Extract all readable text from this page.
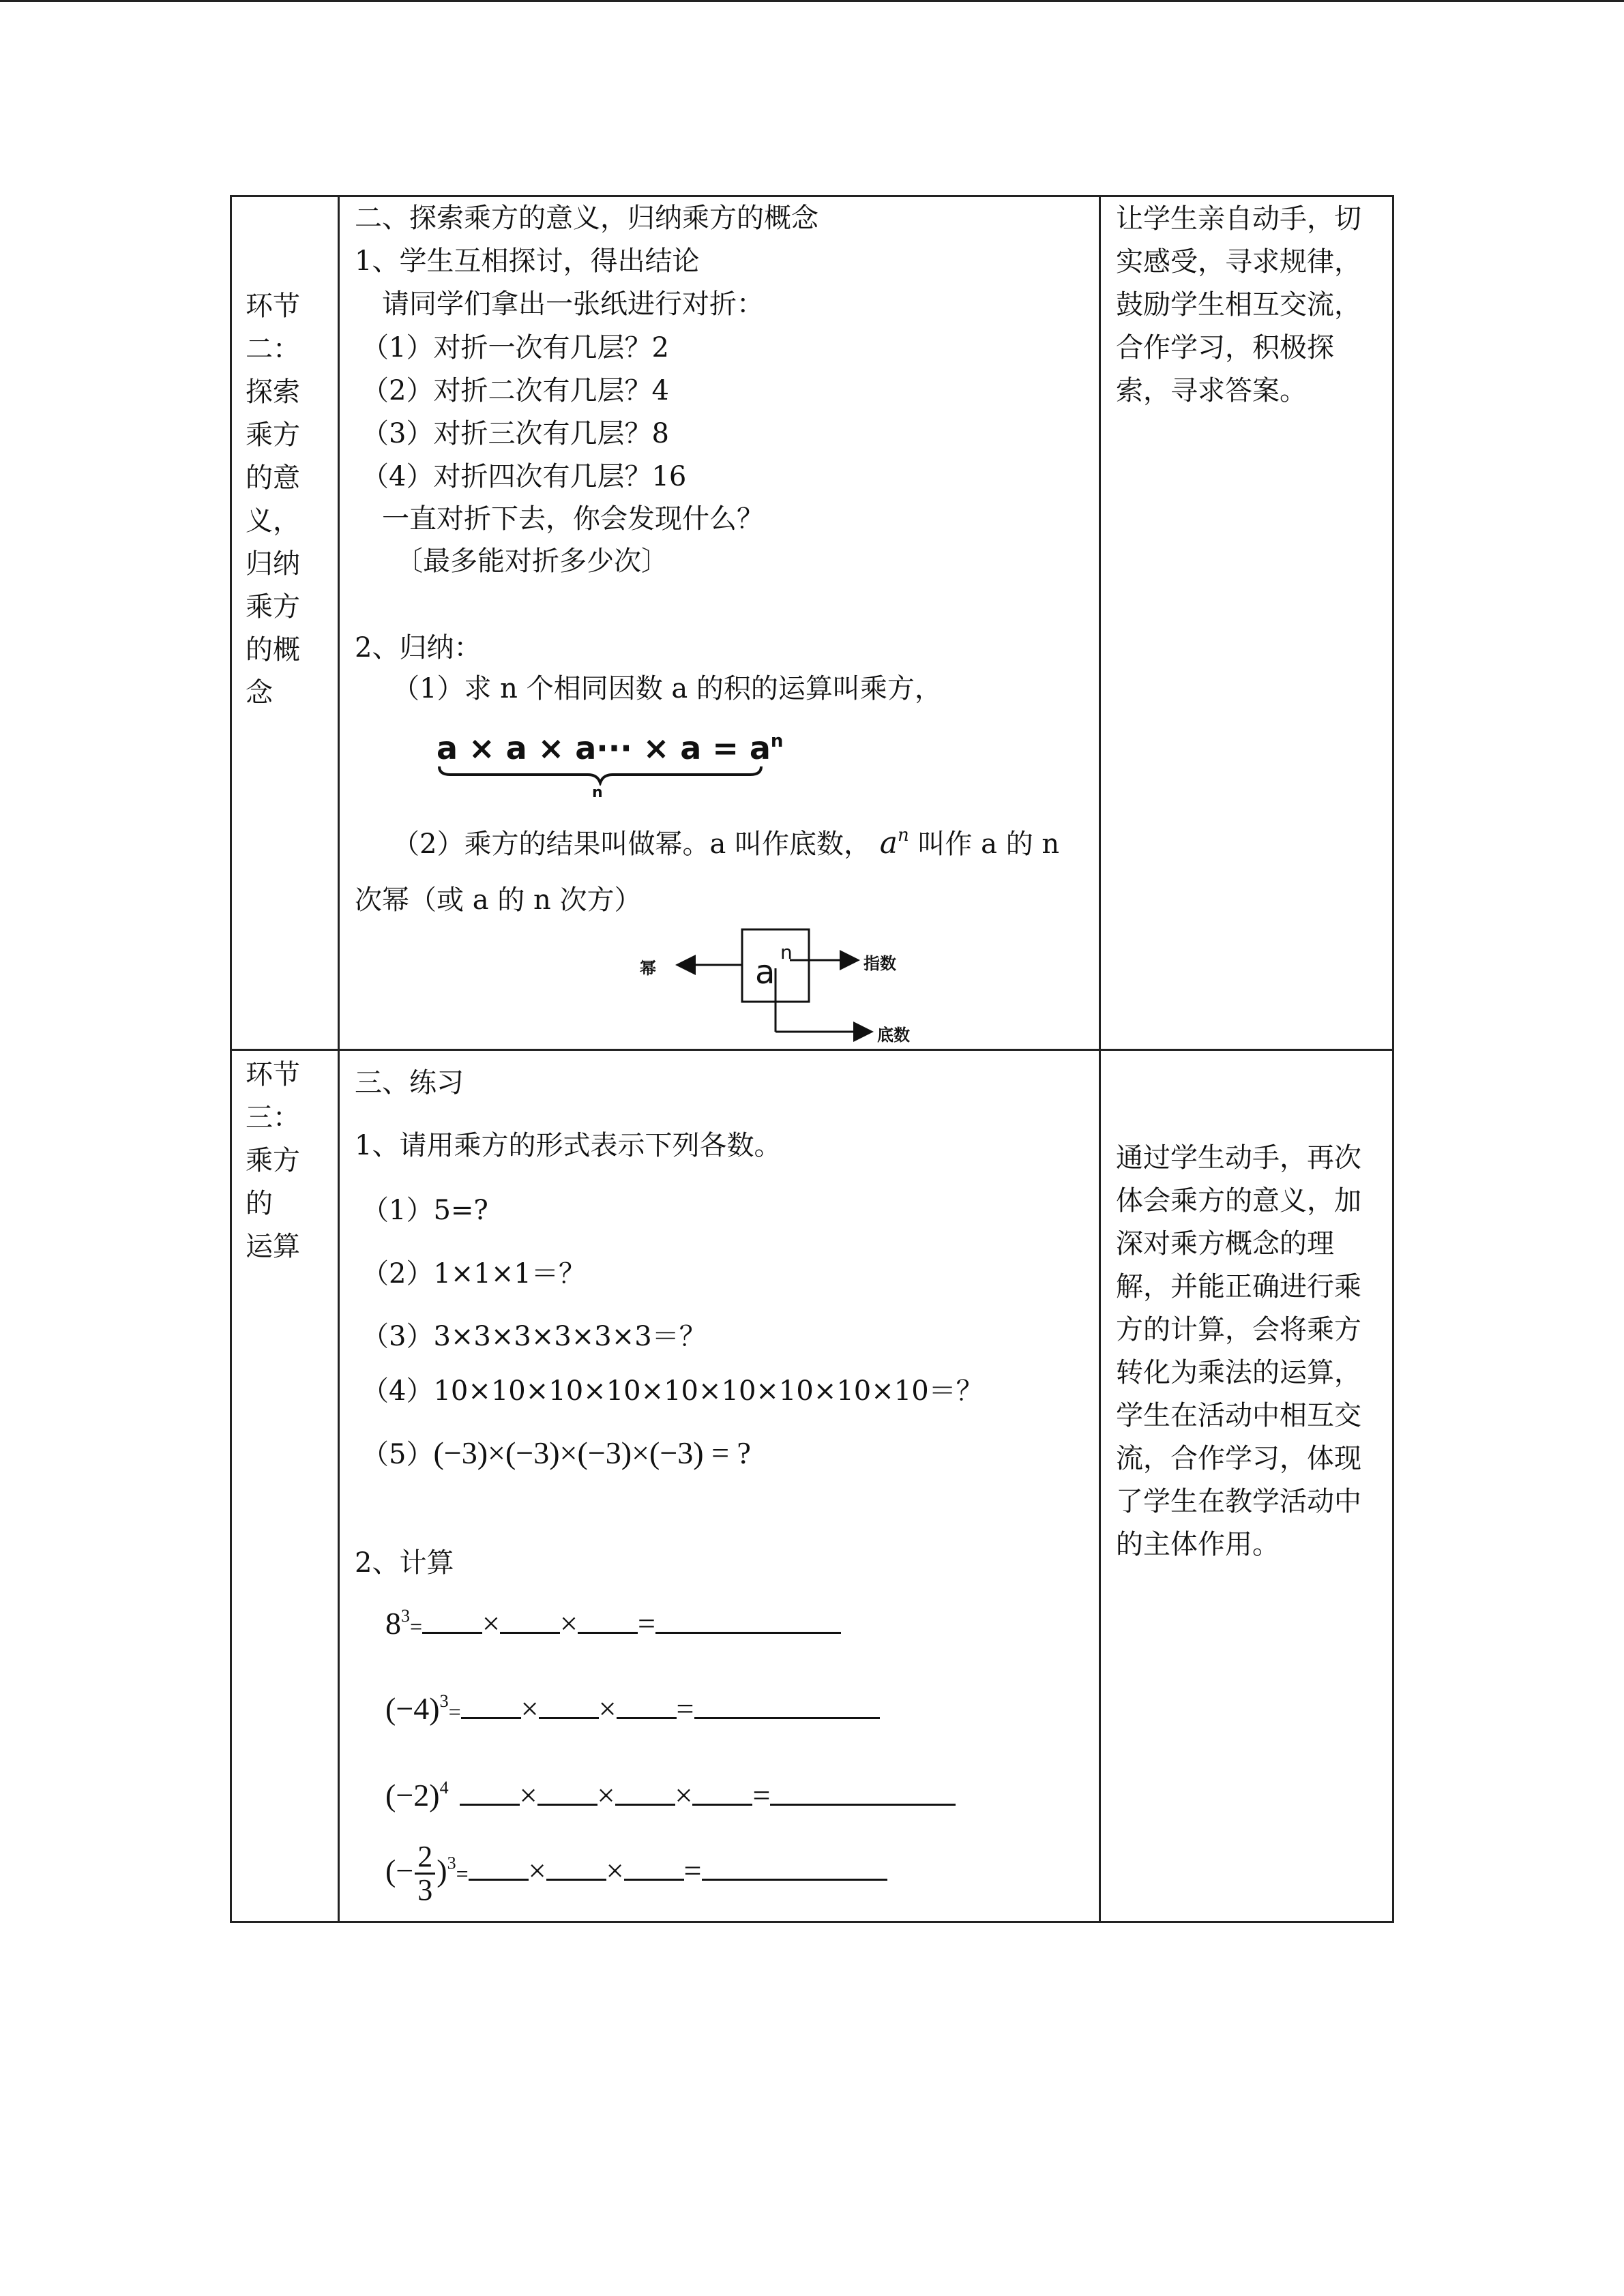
环节
二：
探索
乘方
的意
义，
归纳
乘方
的概
念
二、探索乘方的意义，归纳乘方的概念
1、学生互相探讨，得出结论
请同学们拿出一张纸进行对折：
（1）对折一次有几层？2
（2）对折二次有几层？4
（3）对折三次有几层？8
（4）对折四次有几层？16
一直对折下去，你会发现什么？
〔最多能对折多少次〕
2、归纳：
（1）求 n 个相同因数 a 的积的运算叫乘方，
$a \times a \times a\cdot\cdot\cdot \times a = a^n$
n
（2）乘方的结果叫做幂。a 叫作底数， $a^n$ 叫作 a 的 n
次幂（或 a 的 n 次方）
a
n
幂	指数
底数
让学生亲自动手，切实感受，寻求规律，鼓励学生相互交流，合作学习，积极探索，寻求答案。
环节
三：
乘方
的
运算
三、练习
1、请用乘方的形式表示下列各数。
（1）5=?
（2）1×1×1＝？
（3）3×3×3×3×3×3＝？
（4）10×10×10×10×10×10×10×10×10＝？
（5）(−3)×(−3)×(−3)×(−3) = ?
2、计算
$8^3=$ × × =
$(-4)^3=$ × × =
$(-2)^4$ × × × =
(− $\frac{2}{3} )^3=$ × × =
通过学生动手，再次体会乘方的意义，加深对乘方概念的理解，并能正确进行乘方的计算，会将乘方转化为乘法的运算，学生在活动中相互交流，合作学习，体现了学生在教学活动中的主体作用。
